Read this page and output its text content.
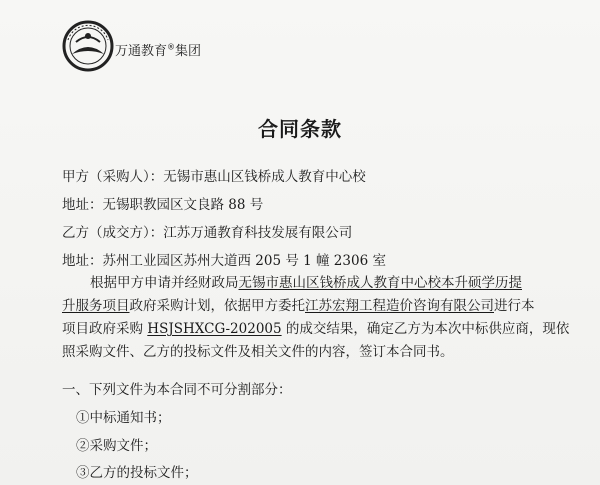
万通教育®集团
合同条款
甲方（采购人）：无锡市惠山区钱桥成人教育中心校
地址：无锡职教园区文良路 88 号
乙方（成交方）：江苏万通教育科技发展有限公司
地址：苏州工业园区苏州大道西 205 号 1 幢 2306 室
根据甲方申请并经财政局无锡市惠山区钱桥成人教育中心校本升硕学历提
升服务项目政府采购计划，依据甲方委托江苏宏翔工程造价咨询有限公司进行本
项目政府采购 HSJSHXCG-202005 的成交结果，确定乙方为本次中标供应商，现依
照采购文件、乙方的投标文件及相关文件的内容，签订本合同书。
一、下列文件为本合同不可分割部分：
①中标通知书；
②采购文件；
③乙方的投标文件；
